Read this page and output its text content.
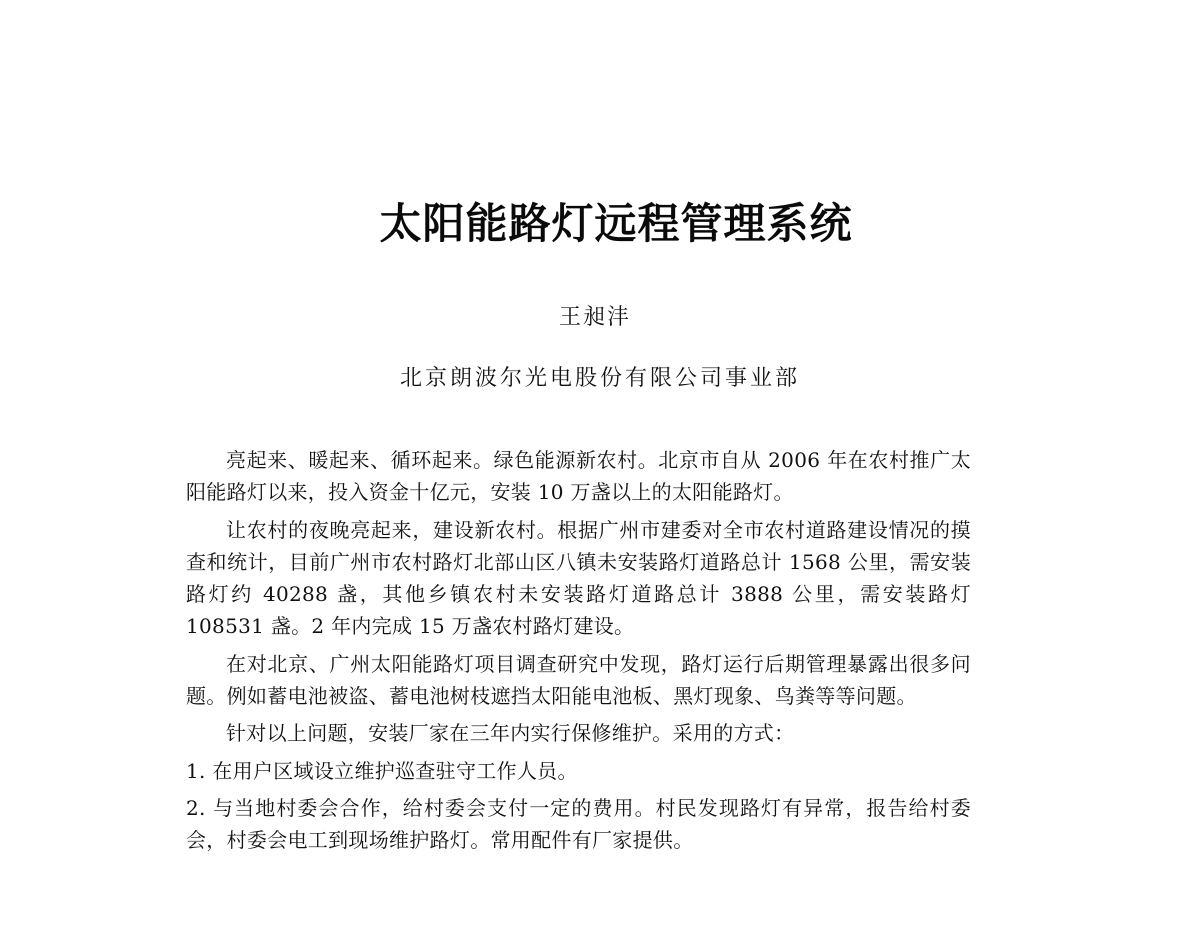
太阳能路灯远程管理系统
王昶沣
北京朗波尔光电股份有限公司事业部

亮起来、暖起来、循环起来。绿色能源新农村。北京市自从 2006 年在农村推广太阳能路灯以来，投入资金十亿元，安装 10 万盏以上的太阳能路灯。

让农村的夜晚亮起来，建设新农村。根据广州市建委对全市农村道路建设情况的摸查和统计，目前广州市农村路灯北部山区八镇未安装路灯道路总计 1568 公里，需安装路灯约 40288 盏，其他乡镇农村未安装路灯道路总计 3888 公里，需安装路灯 108531 盏。2 年内完成 15 万盏农村路灯建设。

在对北京、广州太阳能路灯项目调查研究中发现，路灯运行后期管理暴露出很多问题。例如蓄电池被盗、蓄电池树枝遮挡太阳能电池板、黑灯现象、鸟粪等等问题。

针对以上问题，安装厂家在三年内实行保修维护。采用的方式：

1. 在用户区域设立维护巡查驻守工作人员。

2. 与当地村委会合作，给村委会支付一定的费用。村民发现路灯有异常，报告给村委会，村委会电工到现场维护路灯。常用配件有厂家提供。
